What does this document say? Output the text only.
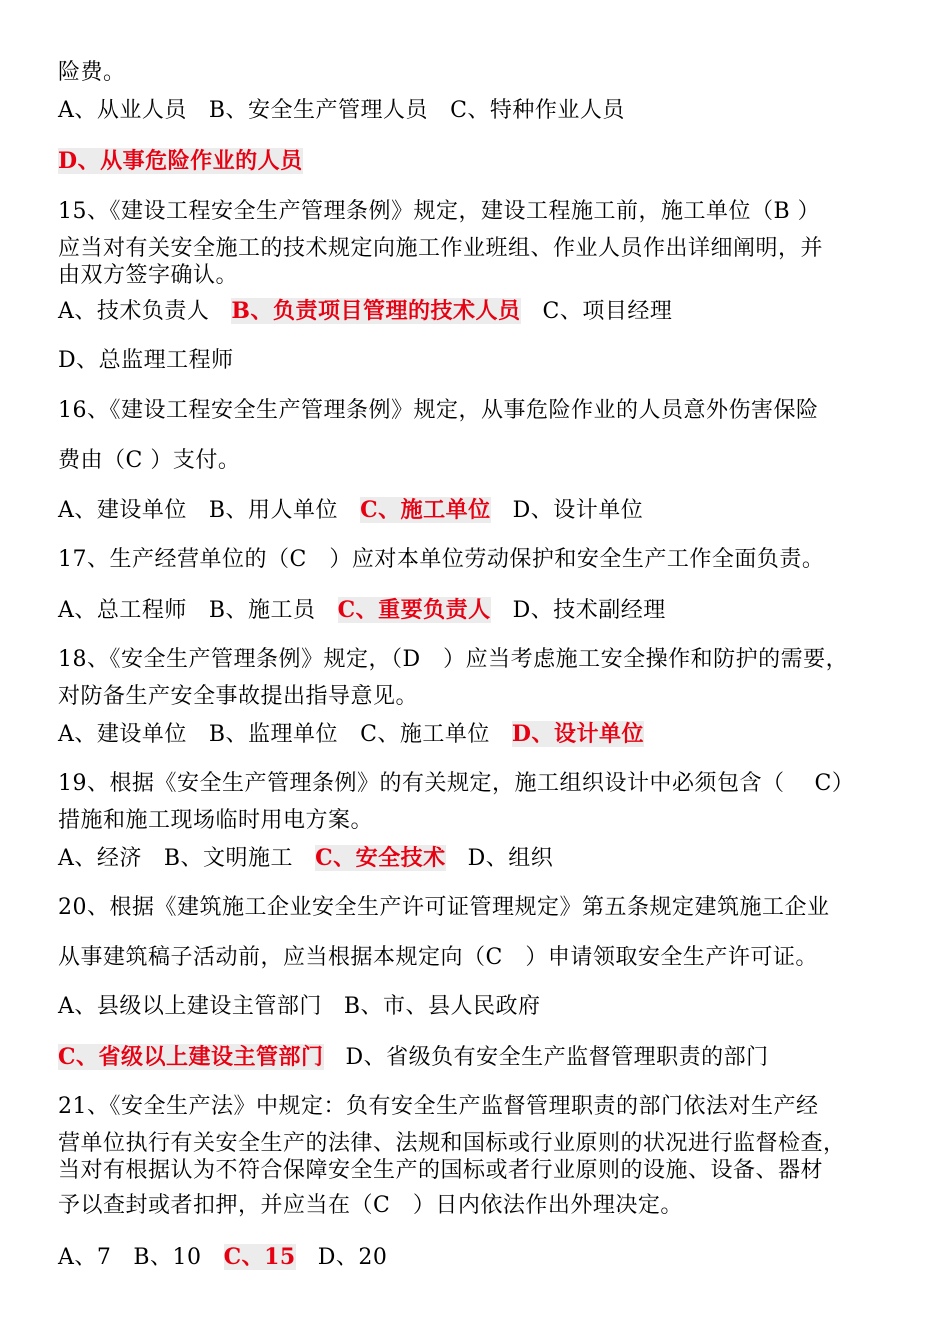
险费。
A、从业人员 B、安全生产管理人员 C、特种作业人员
D、从事危险作业的人员
15、《建设工程安全生产管理条例》规定，建设工程施工前，施工单位（B ）
应当对有关安全施工的技术规定向施工作业班组、作业人员作出详细阐明，并
由双方签字确认。
A、技术负责人 B、负责项目管理的技术人员 C、项目经理
D、总监理工程师
16、《建设工程安全生产管理条例》规定，从事危险作业的人员意外伤害保险
费由（C ）支付。
A、建设单位 B、用人单位 C、施工单位 D、设计单位
17、生产经营单位的（C　）应对本单位劳动保护和安全生产工作全面负责。
A、总工程师 B、施工员 C、重要负责人 D、技术副经理
18、《安全生产管理条例》规定，（D　）应当考虑施工安全操作和防护的需要，
对防备生产安全事故提出指导意见。
A、建设单位 B、监理单位 C、施工单位 D、设计单位
19、根据《安全生产管理条例》的有关规定，施工组织设计中必须包含（　 C）
措施和施工现场临时用电方案。
A、经济 B、文明施工 C、安全技术 D、组织
20、根据《建筑施工企业安全生产许可证管理规定》第五条规定建筑施工企业
从事建筑稿子活动前，应当根据本规定向（C　）申请领取安全生产许可证。
A、县级以上建设主管部门 B、市、县人民政府
C、省级以上建设主管部门 D、省级负有安全生产监督管理职责的部门
21、《安全生产法》中规定：负有安全生产监督管理职责的部门依法对生产经
营单位执行有关安全生产的法律、法规和国标或行业原则的状况进行监督检查，
当对有根据认为不符合保障安全生产的国标或者行业原则的设施、设备、器材
予以查封或者扣押，并应当在（C　）日内依法作出外理决定。
A、7 B、10 C、15 D、20
